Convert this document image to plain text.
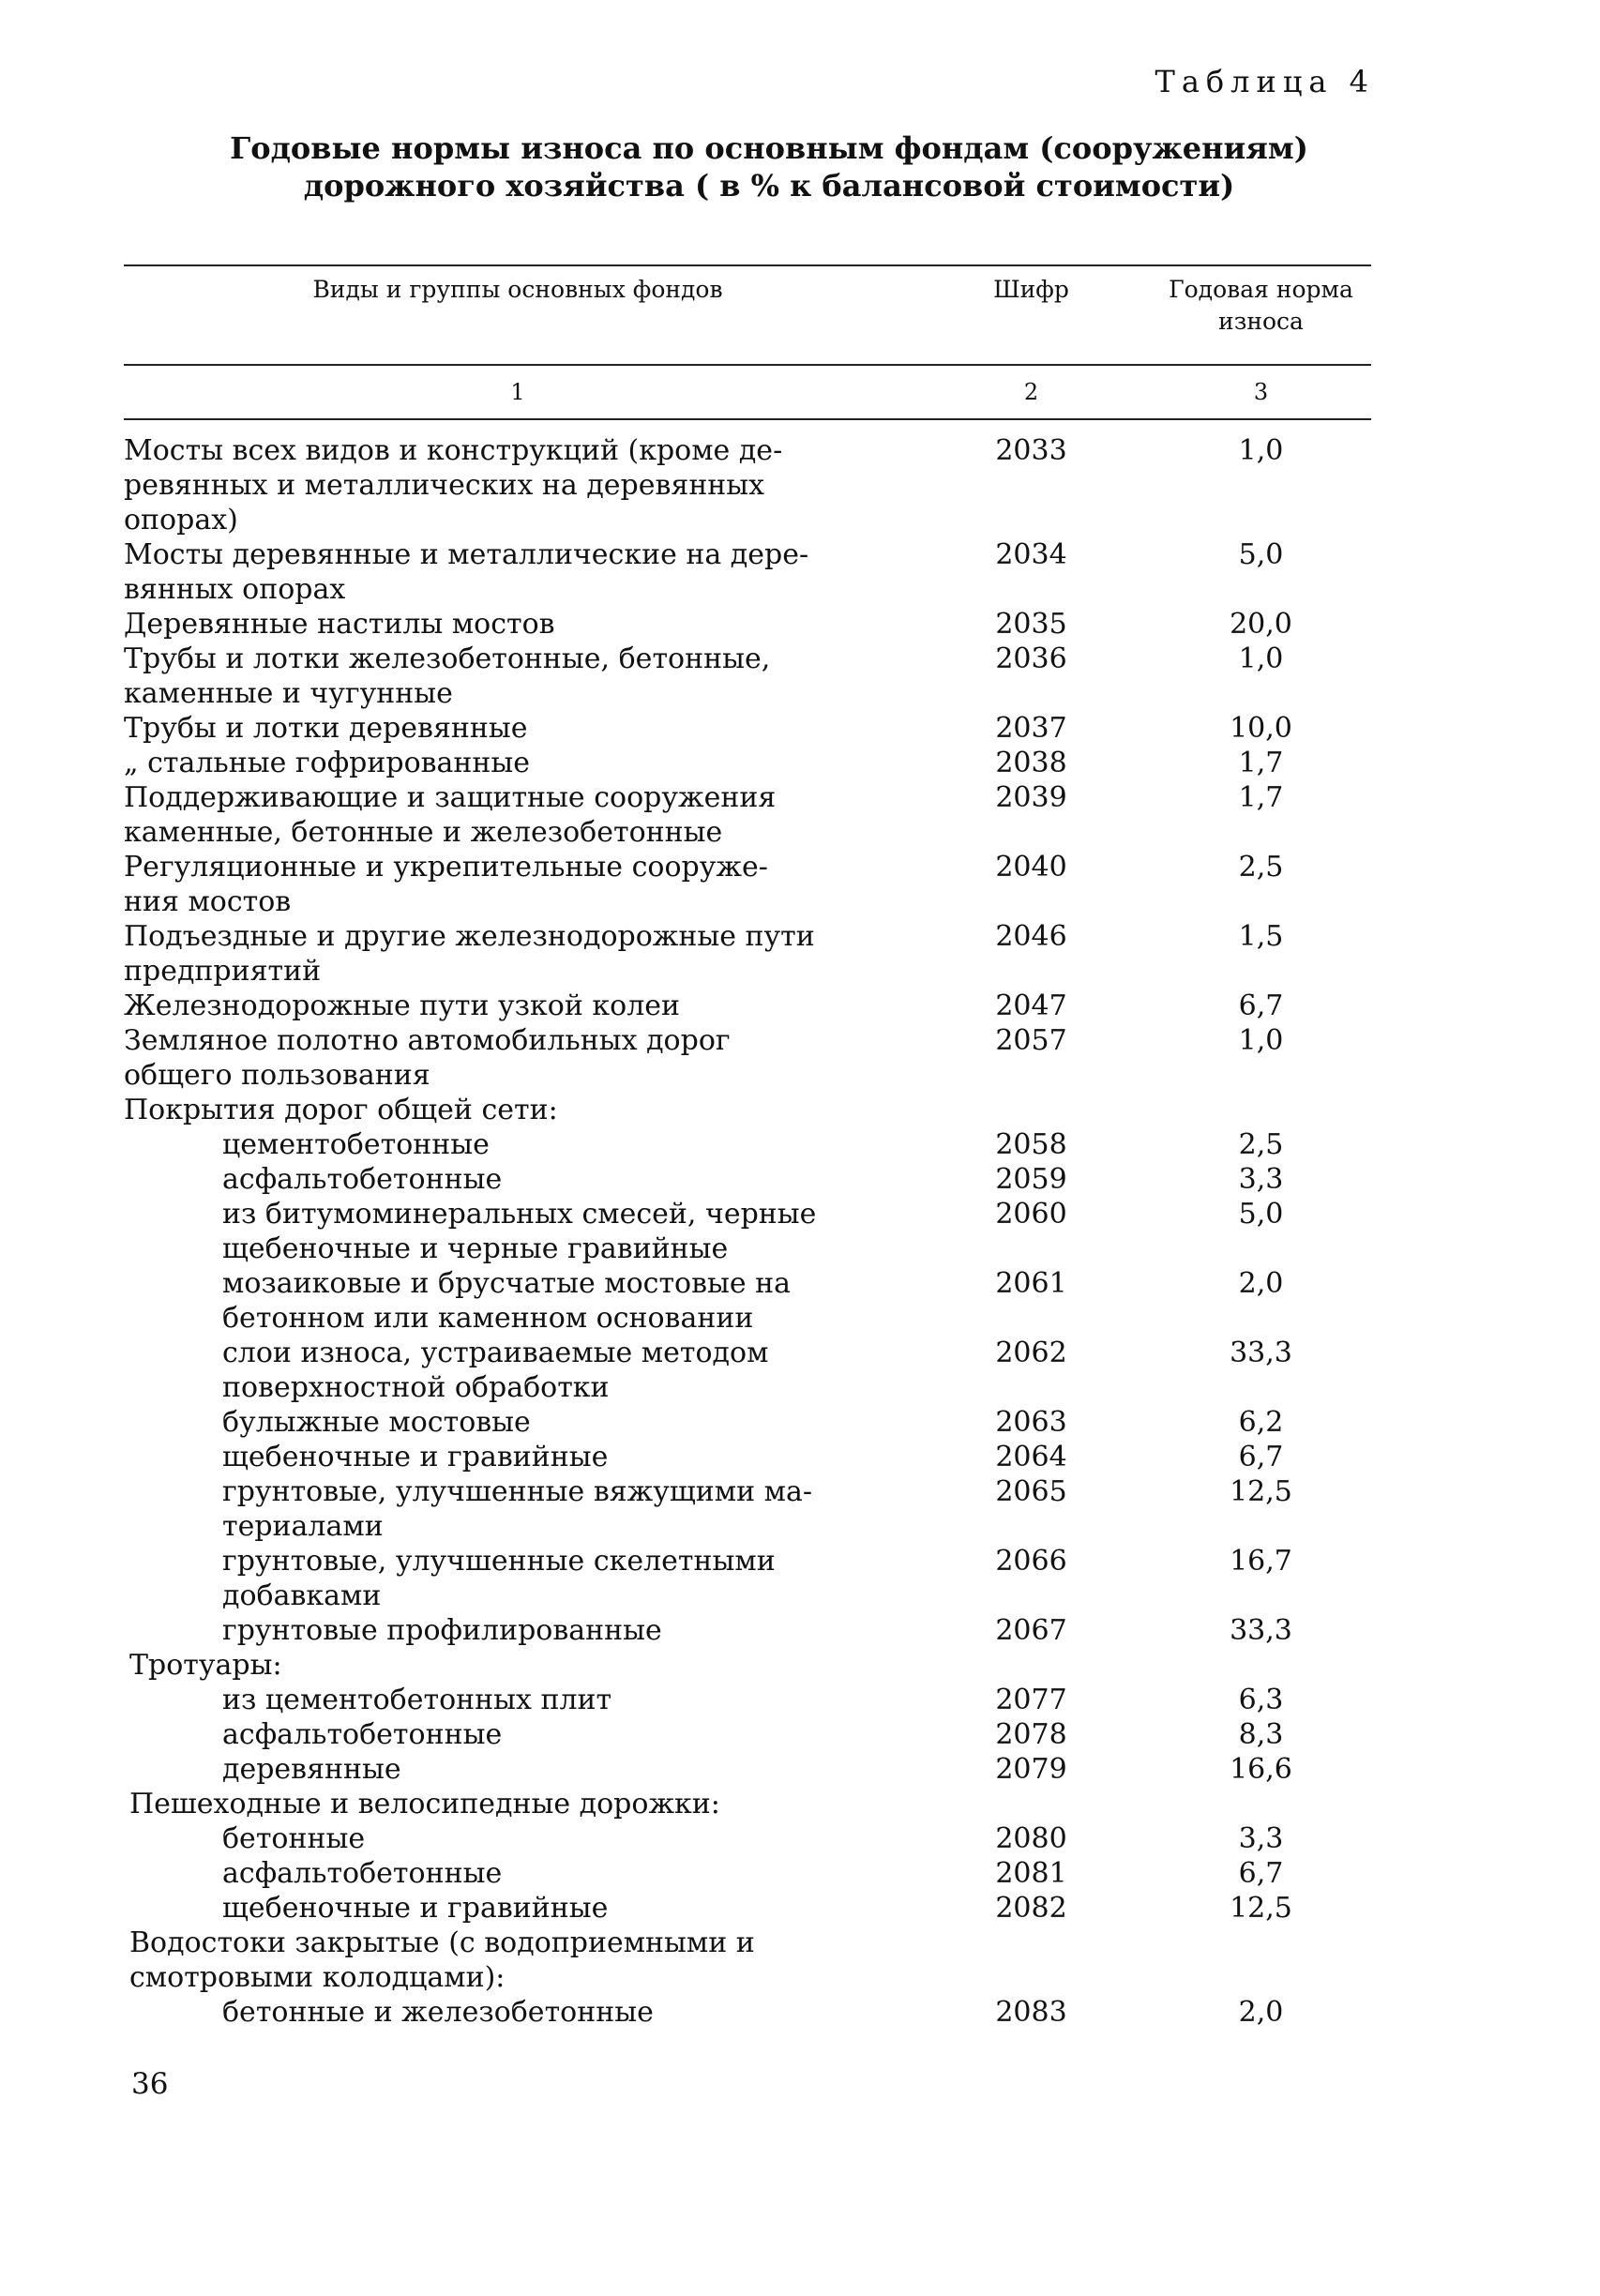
Таблица 4
Годовые нормы износа по основным фондам (сооружениям)
дорожного хозяйства ( в % к балансовой стоимости)
Виды и группы основных фондов	Шифр	Годовая норма
износа
1	2	3
Мосты всех видов и конструкций (кроме де-
ревянных и металлических на деревянных
опорах)
2033	1,0
Мосты деревянные и металлические на дере-
вянных опорах
2034	5,0
Деревянные настилы мостов	2035	20,0
Трубы и лотки железобетонные, бетонные,
каменные и чугунные
2036	1,0
Трубы и лотки деревянные	2037	10,0
„ стальные гофрированные	2038	1,7
Поддерживающие и защитные сооружения
каменные, бетонные и железобетонные
2039	1,7
Регуляционные и укрепительные сооруже-
ния мостов
2040	2,5
Подъездные и другие железнодорожные пути
предприятий
2046	1,5
Железнодорожные пути узкой колеи	2047	6,7
Земляное полотно автомобильных дорог
общего пользования
2057	1,0
Покрытия дорог общей сети:
цементобетонные	2058	2,5
асфальтобетонные	2059	3,3
из битумоминеральных смесей, черные
щебеночные и черные гравийные
2060	5,0
мозаиковые и брусчатые мостовые на
бетонном или каменном основании
2061	2,0
слои износа, устраиваемые методом
поверхностной обработки
2062	33,3
булыжные мостовые	2063	6,2
щебеночные и гравийные	2064	6,7
грунтовые, улучшенные вяжущими ма-
териалами
2065	12,5
грунтовые, улучшенные скелетными
добавками
2066	16,7
грунтовые профилированные	2067	33,3
Тротуары:
из цементобетонных плит	2077	6,3
асфальтобетонные	2078	8,3
деревянные	2079	16,6
Пешеходные и велосипедные дорожки:
бетонные	2080	3,3
асфальтобетонные	2081	6,7
щебеночные и гравийные	2082	12,5
Водостоки закрытые (с водоприемными и
смотровыми колодцами):
бетонные и железобетонные	2083	2,0
36
